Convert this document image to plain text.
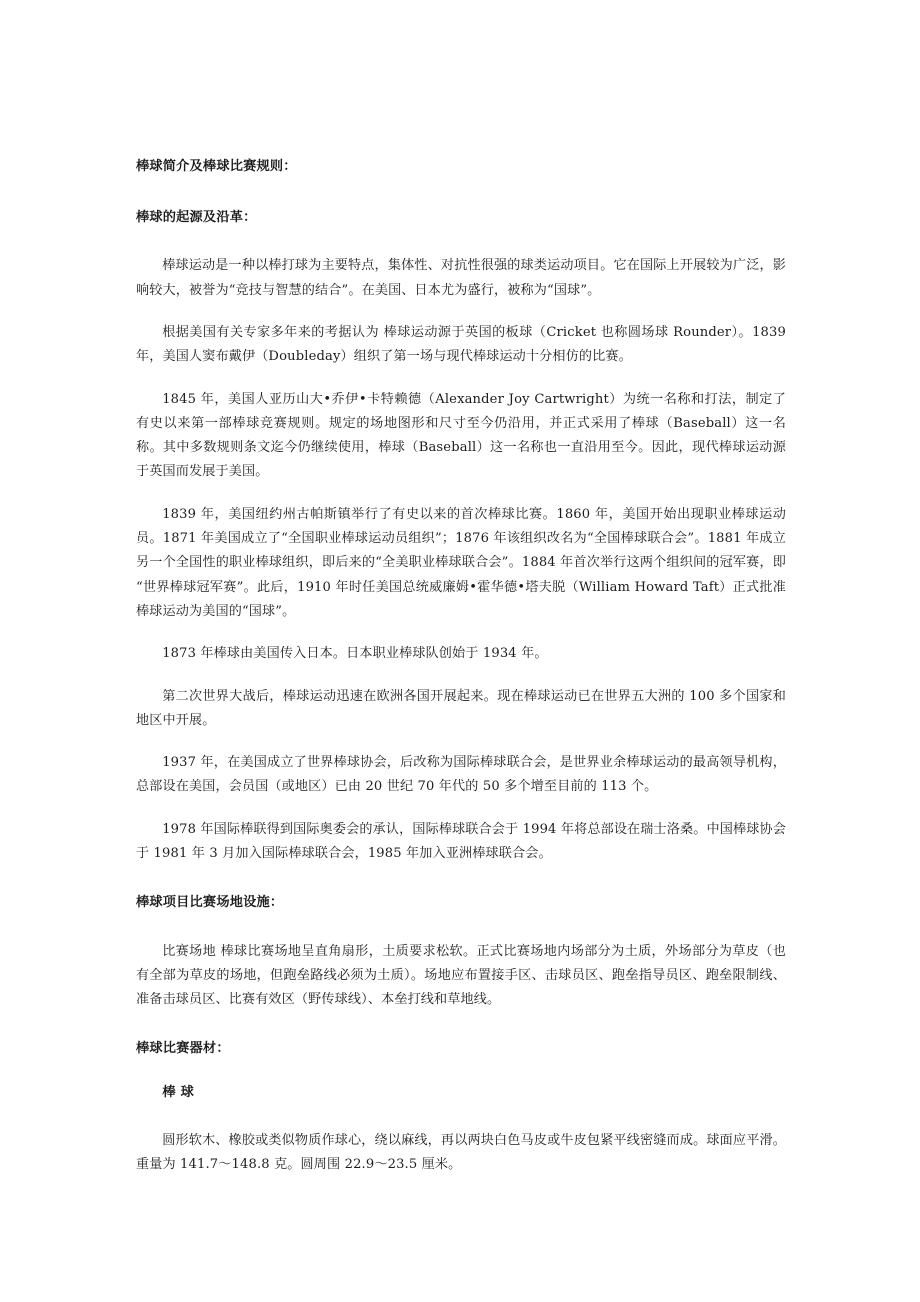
棒球简介及棒球比赛规则：
棒球的起源及沿革：

棒球运动是一种以棒打球为主要特点，集体性、对抗性很强的球类运动项目。它在国际上开展较为广泛，影响较大，被誉为“竞技与智慧的结合”。在美国、日本尤为盛行，被称为“国球”。

根据美国有关专家多年来的考据认为 棒球运动源于英国的板球（Cricket 也称圆场球 Rounder）。1839 年，美国人窦布戴伊（Doubleday）组织了第一场与现代棒球运动十分相仿的比赛。

1845 年，美国人亚历山大•乔伊•卡特赖德（Alexander Joy Cartwright）为统一名称和打法，制定了有史以来第一部棒球竞赛规则。规定的场地图形和尺寸至今仍沿用，并正式采用了棒球（Baseball）这一名称。其中多数规则条文迄今仍继续使用，棒球（Baseball）这一名称也一直沿用至今。因此，现代棒球运动源于英国而发展于美国。

1839 年，美国纽约州古帕斯镇举行了有史以来的首次棒球比赛。1860 年，美国开始出现职业棒球运动员。1871 年美国成立了“全国职业棒球运动员组织”；1876 年该组织改名为“全国棒球联合会”。1881 年成立另一个全国性的职业棒球组织，即后来的“全美职业棒球联合会”。1884 年首次举行这两个组织间的冠军赛，即“世界棒球冠军赛”。此后，1910 年时任美国总统威廉姆•霍华德•塔夫脱（William Howard Taft）正式批准棒球运动为美国的“国球”。

1873 年棒球由美国传入日本。日本职业棒球队创始于 1934 年。

第二次世界大战后，棒球运动迅速在欧洲各国开展起来。现在棒球运动已在世界五大洲的 100 多个国家和地区中开展。

1937 年，在美国成立了世界棒球协会，后改称为国际棒球联合会，是世界业余棒球运动的最高领导机构，总部设在美国，会员国（或地区）已由 20 世纪 70 年代的 50 多个增至目前的 113 个。

1978 年国际棒联得到国际奥委会的承认，国际棒球联合会于 1994 年将总部设在瑞士洛桑。中国棒球协会于 1981 年 3 月加入国际棒球联合会，1985 年加入亚洲棒球联合会。

棒球项目比赛场地设施：

比赛场地 棒球比赛场地呈直角扇形，土质要求松软。正式比赛场地内场部分为土质，外场部分为草皮（也有全部为草皮的场地，但跑垒路线必须为土质）。场地应布置接手区、击球员区、跑垒指导员区、跑垒限制线、准备击球员区、比赛有效区（野传球线）、本垒打线和草地线。

棒球比赛器材：
棒 球

圆形软木、橡胶或类似物质作球心，绕以麻线，再以两块白色马皮或牛皮包紧平线密缝而成。球面应平滑。重量为 141.7～148.8 克。圆周围 22.9～23.5 厘米。
